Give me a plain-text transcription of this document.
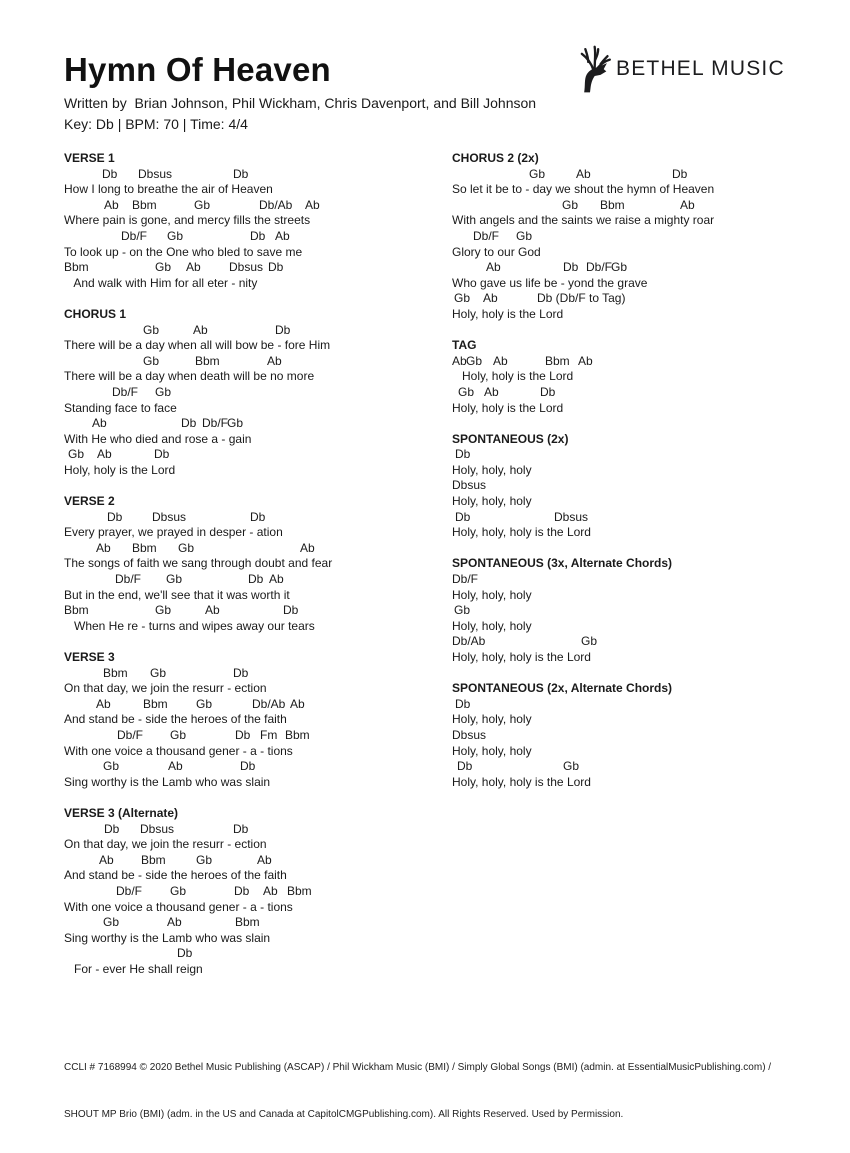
Hymn Of Heaven
Written by  Brian Johnson, Phil Wickham, Chris Davenport, and Bill Johnson
Key: Db | BPM: 70 | Time: 4/4
BETHEL MUSIC
VERSE 1
Db Dbsus	Db
How I long to breathe the air of Heaven
Ab Bbm	Gb	Db/Ab Ab
Where pain is gone, and mercy fills the streets
Db/F Gb	Db Ab
To look up - on the One who bled to save me
Bbm	Gb Ab Dbsus Db
And walk with Him for all eter - nity
CHORUS 1
Gb	Ab	Db
There will be a day when all will bow be - fore Him
Gb	Bbm	Ab
There will be a day when death will be no more
Db/F Gb
Standing face to face
Ab	Db Db/F
Gb
With He who died and rose a - gain
Gb Ab	Db
Holy, holy is the Lord
VERSE 2
Db Dbsus	Db
Every prayer, we prayed in desper - ation
Ab Bbm Gb	Ab
The songs of faith we sang through doubt and fear
Db/F Gb	Db Ab
But in the end, we'll see that it was worth it
Bbm	Gb	Ab	Db
When He re - turns and wipes away our tears
VERSE 3
Bbm Gb	Db
On that day, we join the resurr - ection
Ab	Bbm Gb	Db/Ab Ab
And stand be - side the heroes of the faith
Db/F Gb	Db Fm Bbm
With one voice a thousand gener - a - tions
Gb	Ab	Db
Sing worthy is the Lamb who was slain
VERSE 3 (Alternate)
Db Dbsus	Db
On that day, we join the resurr - ection
Ab Bbm	Gb	Ab
And stand be - side the heroes of the faith
Db/F Gb	Db Ab Bbm
With one voice a thousand gener - a - tions
Gb	Ab	Bbm
Sing worthy is the Lamb who was slain
Db
For - ever He shall reign
CHORUS 2 (2x)
Gb	Ab	Db
So let it be to - day we shout the hymn of Heaven
Gb Bbm	Ab
With angels and the saints we raise a mighty roar
Db/F Gb
Glory to our God
Ab	Db Db/F
Gb
Who gave us life be - yond the grave
Gb Ab	Db (Db/F to Tag)
Holy, holy is the Lord
TAG
Ab Gb Ab	Bbm Ab
Holy, holy is the Lord
Gb Ab	Db
Holy, holy is the Lord
SPONTANEOUS (2x)
Db
Holy, holy, holy
Dbsus
Holy, holy, holy
Db	Dbsus
Holy, holy, holy is the Lord
SPONTANEOUS (3x, Alternate Chords)
Db/F
Holy, holy, holy
Gb
Holy, holy, holy
Db/Ab	Gb
Holy, holy, holy is the Lord
SPONTANEOUS (2x, Alternate Chords)
Db
Holy, holy, holy
Dbsus
Holy, holy, holy
Db	Gb
Holy, holy, holy is the Lord

CCLI # 7168994 © 2020 Bethel Music Publishing (ASCAP) / Phil Wickham Music (BMI) / Simply Global Songs (BMI) (admin. at EssentialMusicPublishing.com) /

SHOUT MP Brio (BMI) (adm. in the US and Canada at CapitolCMGPublishing.com). All Rights Reserved. Used by Permission.
